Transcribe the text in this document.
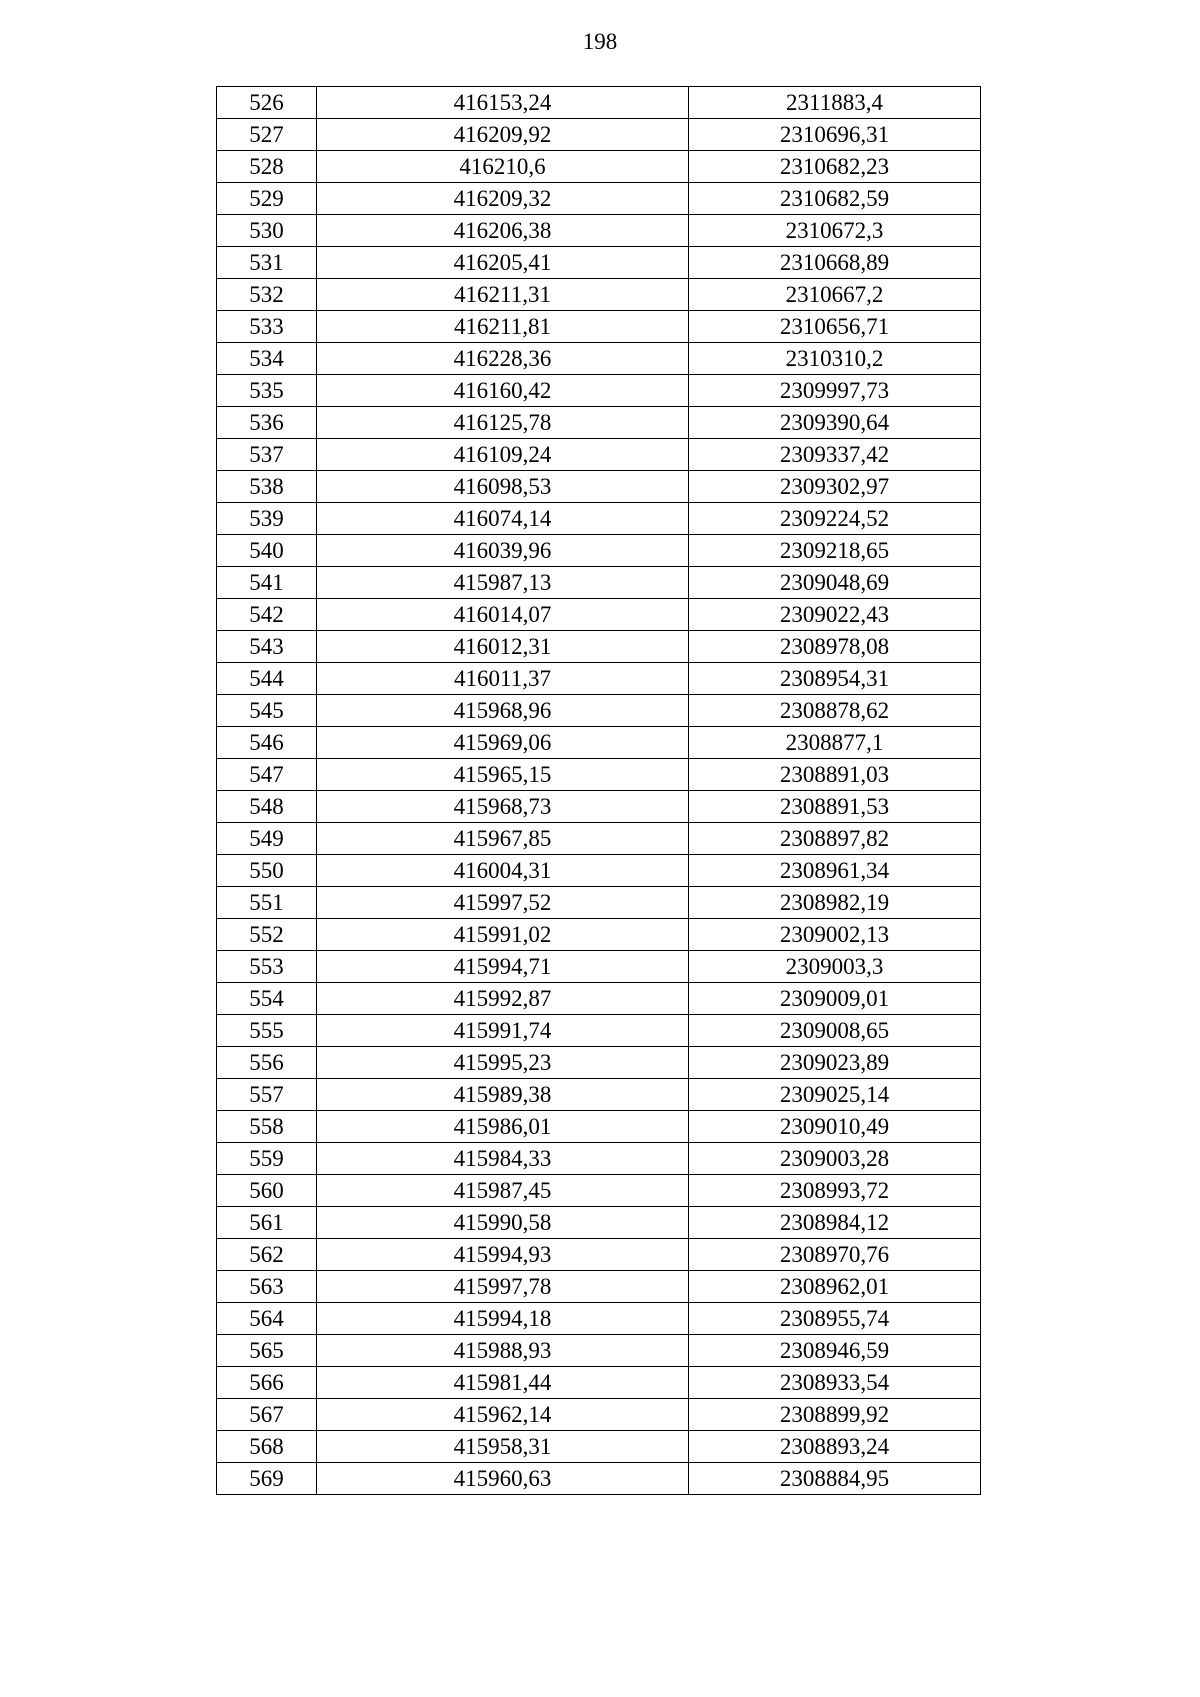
198
526	416153,24	2311883,4
527	416209,92	2310696,31
528	416210,6	2310682,23
529	416209,32	2310682,59
530	416206,38	2310672,3
531	416205,41	2310668,89
532	416211,31	2310667,2
533	416211,81	2310656,71
534	416228,36	2310310,2
535	416160,42	2309997,73
536	416125,78	2309390,64
537	416109,24	2309337,42
538	416098,53	2309302,97
539	416074,14	2309224,52
540	416039,96	2309218,65
541	415987,13	2309048,69
542	416014,07	2309022,43
543	416012,31	2308978,08
544	416011,37	2308954,31
545	415968,96	2308878,62
546	415969,06	2308877,1
547	415965,15	2308891,03
548	415968,73	2308891,53
549	415967,85	2308897,82
550	416004,31	2308961,34
551	415997,52	2308982,19
552	415991,02	2309002,13
553	415994,71	2309003,3
554	415992,87	2309009,01
555	415991,74	2309008,65
556	415995,23	2309023,89
557	415989,38	2309025,14
558	415986,01	2309010,49
559	415984,33	2309003,28
560	415987,45	2308993,72
561	415990,58	2308984,12
562	415994,93	2308970,76
563	415997,78	2308962,01
564	415994,18	2308955,74
565	415988,93	2308946,59
566	415981,44	2308933,54
567	415962,14	2308899,92
568	415958,31	2308893,24
569	415960,63	2308884,95
